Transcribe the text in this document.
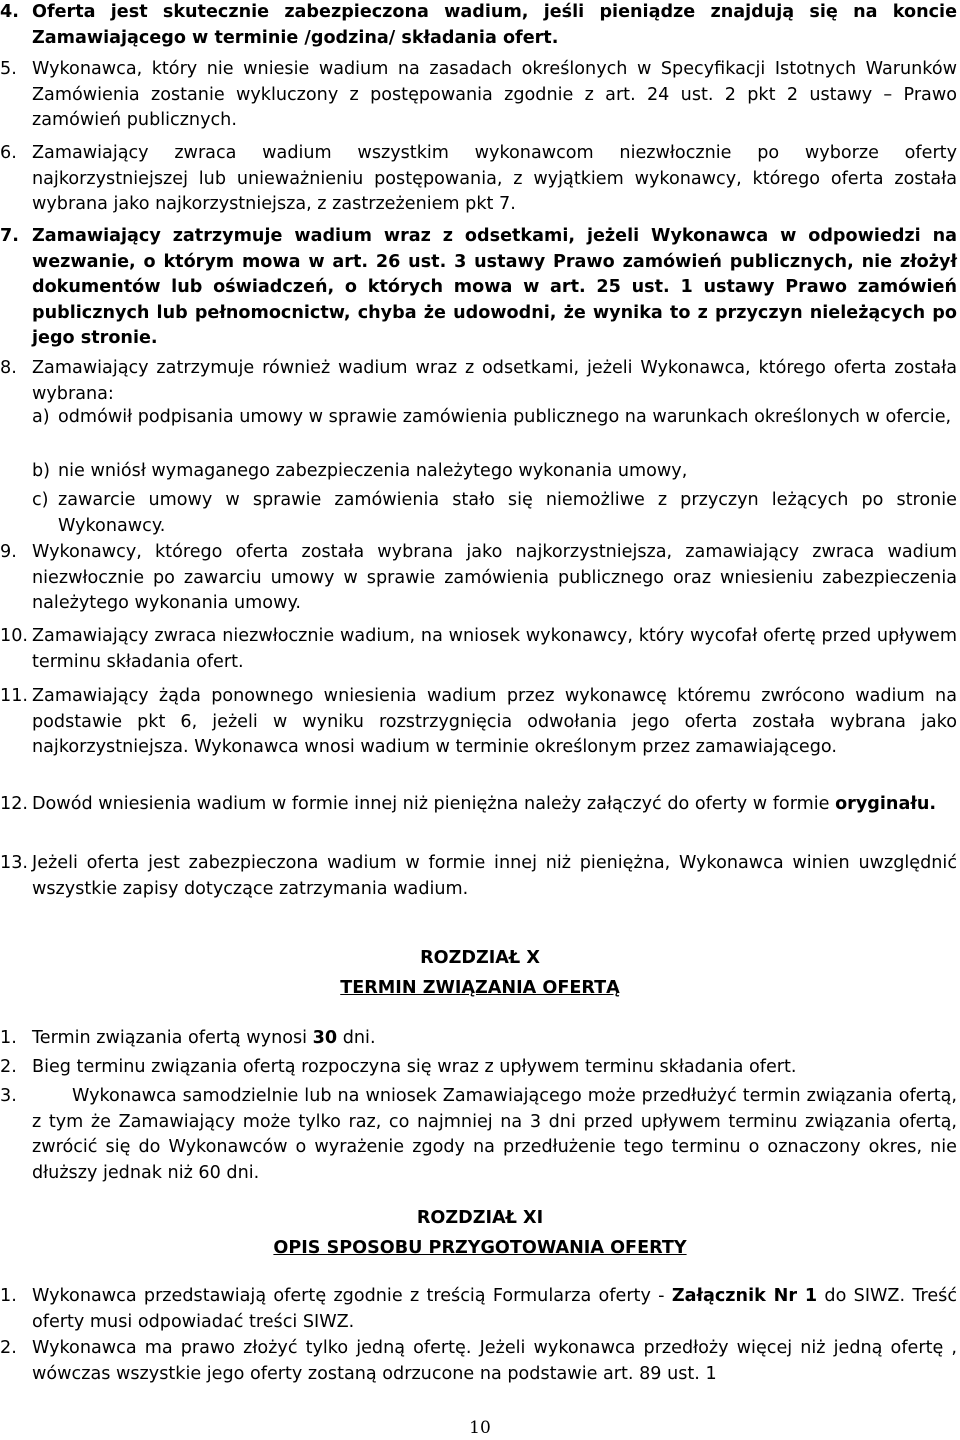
4. Oferta jest skutecznie zabezpieczona wadium, jeśli pieniądze znajdują się na koncie Zamawiającego w terminie /godzina/ składania ofert.
5. Wykonawca, który nie wniesie wadium na zasadach określonych w Specyfikacji Istotnych Warunków Zamówienia zostanie wykluczony z postępowania zgodnie z art. 24 ust. 2 pkt 2 ustawy – Prawo zamówień publicznych.
6. Zamawiający zwraca wadium wszystkim wykonawcom niezwłocznie po wyborze oferty najkorzystniejszej lub unieważnieniu postępowania, z wyjątkiem wykonawcy, którego oferta została wybrana jako najkorzystniejsza, z zastrzeżeniem pkt 7.
7. Zamawiający zatrzymuje wadium wraz z odsetkami, jeżeli Wykonawca w odpowiedzi na wezwanie, o którym mowa w art. 26 ust. 3 ustawy Prawo zamówień publicznych, nie złożył dokumentów lub oświadczeń, o których mowa w art. 25 ust. 1 ustawy Prawo zamówień publicznych lub pełnomocnictw, chyba że udowodni, że wynika to z przyczyn nieleżących po jego stronie.
8. Zamawiający zatrzymuje również wadium wraz z odsetkami, jeżeli Wykonawca, którego oferta została wybrana:
a) odmówił podpisania umowy w sprawie zamówienia publicznego na warunkach określonych w ofercie,
b) nie wniósł wymaganego zabezpieczenia należytego wykonania umowy,
c) zawarcie umowy w sprawie zamówienia stało się niemożliwe z przyczyn leżących po stronie Wykonawcy.
9. Wykonawcy, którego oferta została wybrana jako najkorzystniejsza, zamawiający zwraca wadium niezwłocznie po zawarciu umowy w sprawie zamówienia publicznego oraz wniesieniu zabezpieczenia należytego wykonania umowy.
10. Zamawiający zwraca niezwłocznie wadium, na wniosek wykonawcy, który wycofał ofertę przed upływem terminu składania ofert.
11. Zamawiający żąda ponownego wniesienia wadium przez wykonawcę któremu zwrócono wadium na podstawie pkt 6, jeżeli w wyniku rozstrzygnięcia odwołania jego oferta została wybrana jako najkorzystniejsza. Wykonawca wnosi wadium w terminie określonym przez zamawiającego.
12. Dowód wniesienia wadium w formie innej niż pieniężna należy załączyć do oferty w formie oryginału.
13. Jeżeli oferta jest zabezpieczona wadium w formie innej niż pieniężna, Wykonawca winien uwzględnić wszystkie zapisy dotyczące zatrzymania wadium.
ROZDZIAŁ X
TERMIN ZWIĄZANIA OFERTĄ
1. Termin związania ofertą wynosi 30 dni.
2. Bieg terminu związania ofertą rozpoczyna się wraz z upływem terminu składania ofert.
3.	Wykonawca samodzielnie lub na wniosek Zamawiającego może przedłużyć termin związania ofertą, z tym że Zamawiający może tylko raz, co najmniej na 3 dni przed upływem terminu związania ofertą, zwrócić się do Wykonawców o wyrażenie zgody na przedłużenie tego terminu o oznaczony okres, nie dłuższy jednak niż 60 dni.
ROZDZIAŁ XI
OPIS SPOSOBU PRZYGOTOWANIA OFERTY
1. Wykonawca przedstawiają ofertę zgodnie z treścią Formularza oferty - Załącznik Nr 1 do SIWZ. Treść oferty musi odpowiadać treści SIWZ.
2. Wykonawca ma prawo złożyć tylko jedną ofertę. Jeżeli wykonawca przedłoży więcej niż jedną ofertę , wówczas wszystkie jego oferty zostaną odrzucone na podstawie art. 89 ust. 1
10
